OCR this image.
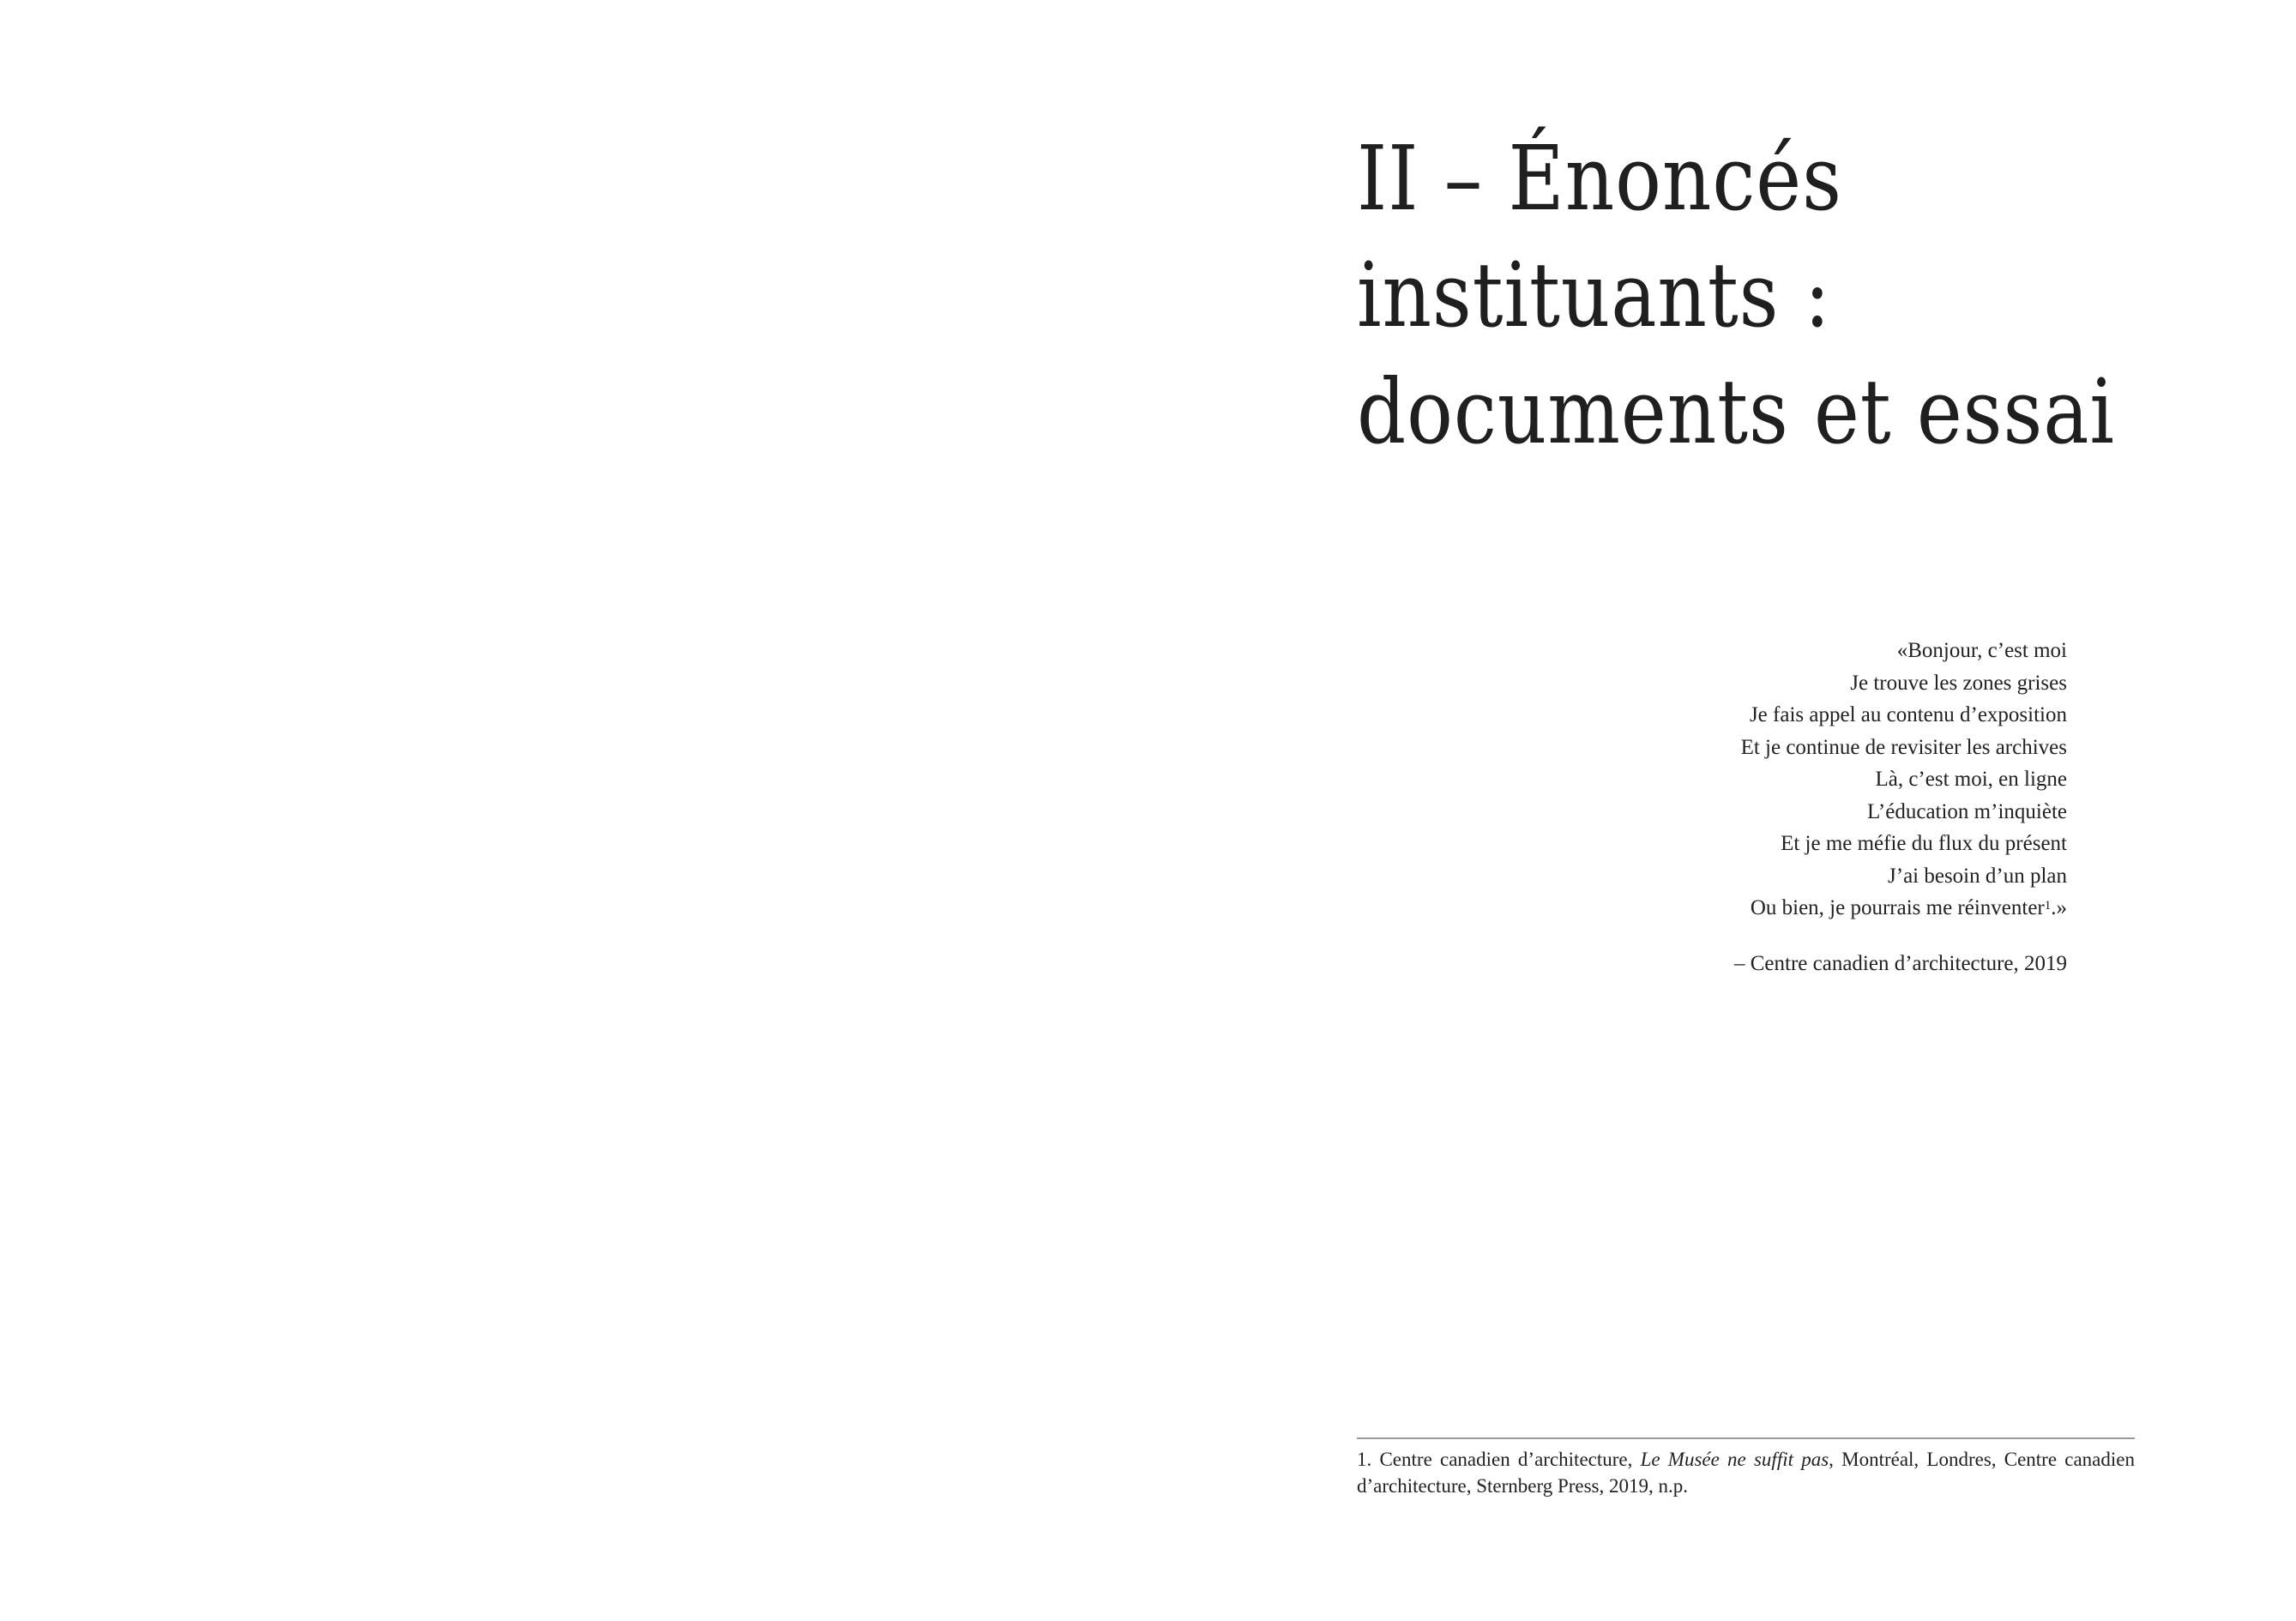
II – Énoncés
instituants :
documents et essai
«Bonjour, c’est moi
Je trouve les zones grises
Je fais appel au contenu d’exposition
Et je continue de revisiter les archives
Là, c’est moi, en ligne
L’éducation m’inquiète
Et je me méfie du flux du présent
J’ai besoin d’un plan
Ou bien, je pourrais me réinventer$^1$.»
– Centre canadien d’architecture, 2019

1. Centre canadien d’architecture, Le Musée ne suffit pas, Montréal, Londres, Centre canadien d’architecture, Sternberg Press, 2019, n.p.
